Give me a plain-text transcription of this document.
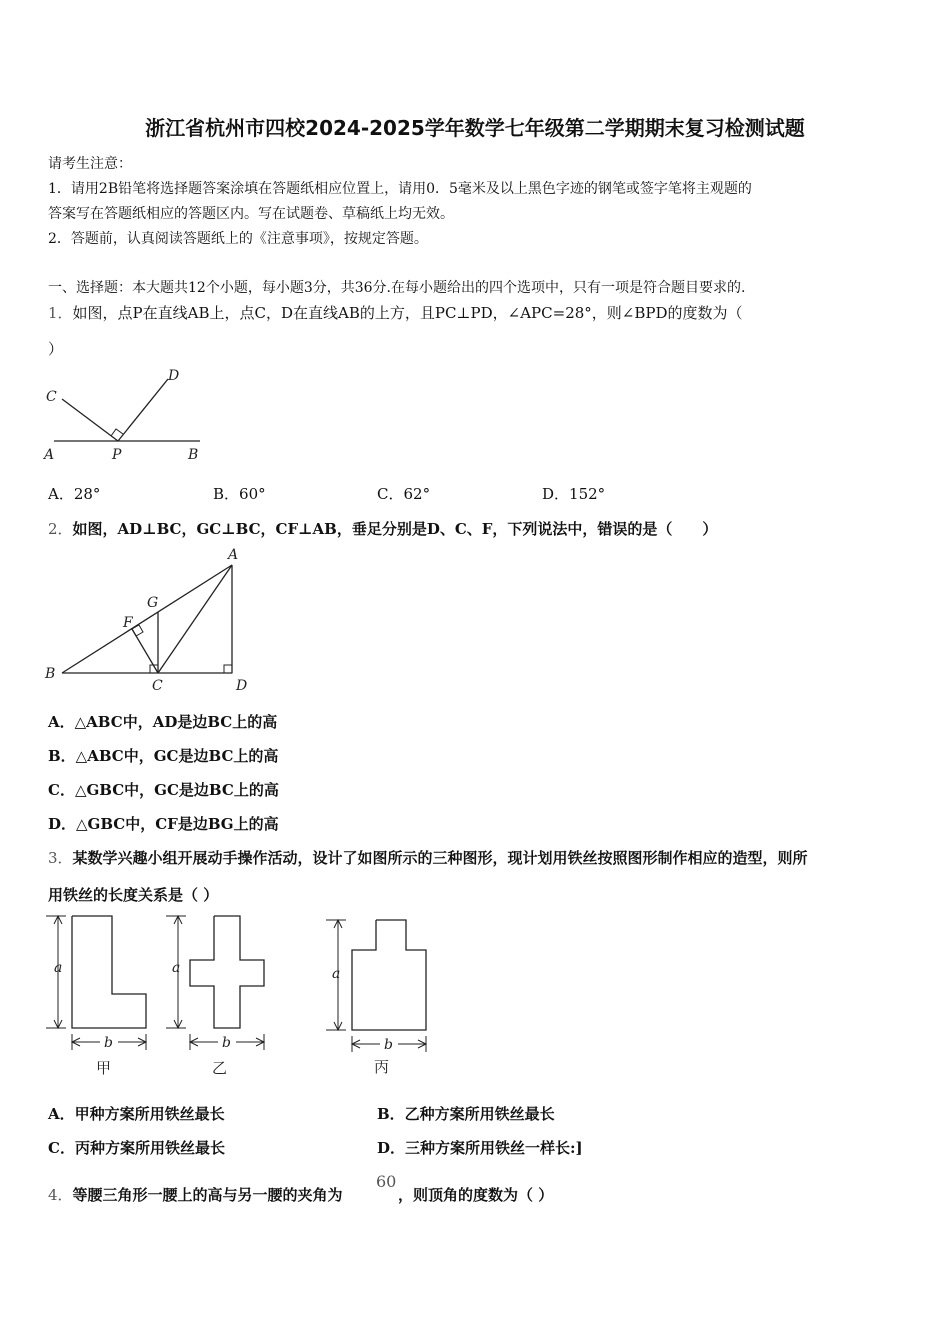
浙江省杭州市四校2024-2025学年数学七年级第二学期期末复习检测试题
请考生注意：
1．请用2B铅笔将选择题答案涂填在答题纸相应位置上，请用0．5毫米及以上黑色字迹的钢笔或签字笔将主观题的
答案写在答题纸相应的答题区内。写在试题卷、草稿纸上均无效。
2．答题前，认真阅读答题纸上的《注意事项》，按规定答题。
一、选择题：本大题共12个小题，每小题3分，共36分.在每小题给出的四个选项中，只有一项是符合题目要求的.
1．如图，点P在直线AB上，点C，D在直线AB的上方，且PC⊥PD，∠APC=28°，则∠BPD的度数为（
）
C
D
A	P	B
A．28°	B．60°	C．62°	D．152°
2．如图，AD⊥BC，GC⊥BC，CF⊥AB，垂足分别是D、C、F，下列说法中，错误的是（　　）
A
G
F
B
C	D
A．△ABC中，AD是边BC上的高
B．△ABC中，GC是边BC上的高
C．△GBC中，GC是边BC上的高
D．△GBC中，CF是边BG上的高
3．某数学兴趣小组开展动手操作活动，设计了如图所示的三种图形，现计划用铁丝按照图形制作相应的造型，则所
用铁丝的长度关系是（ ）
a
b
甲
a
b
乙
a
b
丙
A．甲种方案所用铁丝最长	B．乙种方案所用铁丝最长
C．丙种方案所用铁丝最长	D．三种方案所用铁丝一样长:]
4．等腰三角形一腰上的高与另一腰的夹角为
60
，则顶角的度数为（ ）
